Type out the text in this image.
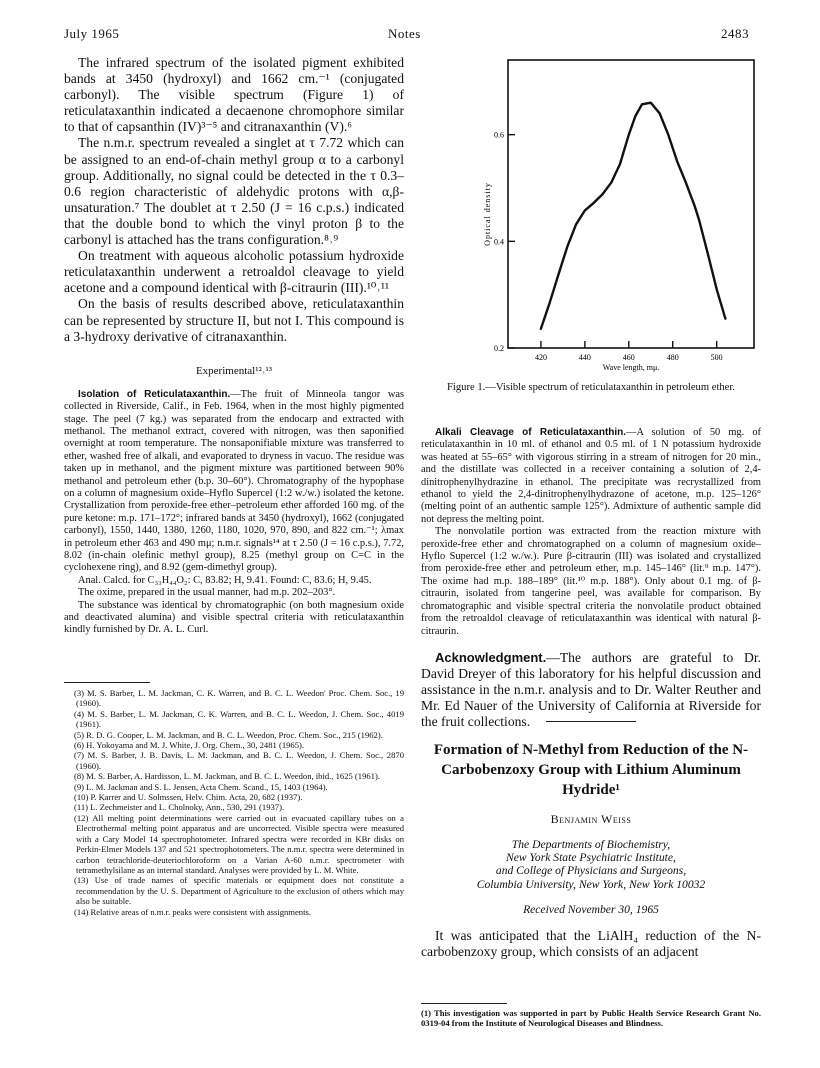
July 1965	Notes	2483

The infrared spectrum of the isolated pigment exhibited bands at 3450 (hydroxyl) and 1662 cm.⁻¹ (conjugated carbonyl). The visible spectrum (Figure 1) of reticulataxanthin indicated a decaenone chromophore similar to that of capsanthin (IV)³⁻⁵ and citranaxanthin (V).⁶

The n.m.r. spectrum revealed a singlet at τ 7.72 which can be assigned to an end-of-chain methyl group α to a carbonyl group. Additionally, no signal could be detected in the τ 0.3–0.6 region characteristic of aldehydic protons with α,β-unsaturation.⁷ The doublet at τ 2.50 (J = 16 c.p.s.) indicated that the double bond to which the vinyl proton β to the carbonyl is attached has the trans configuration.⁸˒⁹

On treatment with aqueous alcoholic potassium hydroxide reticulataxanthin underwent a retroaldol cleavage to yield acetone and a compound identical with β-citraurin (III).¹⁰˒¹¹

On the basis of results described above, reticulataxanthin can be represented by structure II, but not I. This compound is a 3-hydroxy derivative of citranaxanthin.

Experimental¹²˒¹³

Isolation of Reticulataxanthin.—The fruit of Minneola tangor was collected in Riverside, Calif., in Feb. 1964, when in the most highly pigmented stage. The peel (7 kg.) was separated from the endocarp and extracted with methanol. The methanol extract, covered with nitrogen, was then saponified overnight at room temperature. The nonsaponifiable mixture was transferred to ether, washed free of alkali, and evaporated to dryness in vacuo. The residue was taken up in methanol, and the pigment mixture was partitioned between 90% methanol and petroleum ether (b.p. 30–60°). Chromatography of the hypophase on a column of magnesium oxide–Hyflo Supercel (1:2 w./w.) isolated the ketone. Crystallization from peroxide-free ether–petroleum ether afforded 160 mg. of the pure ketone: m.p. 171–172°; infrared bands at 3450 (hydroxyl), 1662 (conjugated carbonyl), 1550, 1440, 1380, 1260, 1180, 1020, 970, 890, and 822 cm.⁻¹; λmax in petroleum ether 463 and 490 mμ; n.m.r. signals¹⁴ at τ 2.50 (J = 16 c.p.s.), 7.72, 8.02 (in-chain olefinic methyl group), 8.25 (methyl group on C=C in the cyclohexene ring), and 8.92 (gem-dimethyl group).

Anal. Calcd. for C₃₃H₄₄O₂: C, 83.82; H, 9.41. Found: C, 83.6; H, 9.45.

The oxime, prepared in the usual manner, had m.p. 202–203°.

The substance was identical by chromatographic (on both magnesium oxide and deactivated alumina) and visible spectral criteria with reticulataxanthin kindly furnished by Dr. A. L. Curl.

(3) M. S. Barber, L. M. Jackman, C. K. Warren, and B. C. L. Weedon' Proc. Chem. Soc., 19 (1960).

(4) M. S. Barber, L. M. Jackman, C. K. Warren, and B. C. L. Weedon, J. Chem. Soc., 4019 (1961).

(5) R. D. G. Cooper, L. M. Jackman, and B. C. L. Weedon, Proc. Chem. Soc., 215 (1962).

(6) H. Yokoyama and M. J. White, J. Org. Chem., 30, 2481 (1965).

(7) M. S. Barber, J. B. Davis, L. M. Jackman, and B. C. L. Weedon, J. Chem. Soc., 2870 (1960).

(8) M. S. Barber, A. Hardisson, L. M. Jackman, and B. C. L. Weedon, ibid., 1625 (1961).

(9) L. M. Jackman and S. L. Jensen, Acta Chem. Scand., 15, 1403 (1964).

(10) P. Karrer and U. Solmssen, Helv. Chim. Acta, 20, 682 (1937).

(11) L. Zechmeister and L. Cholnoky, Ann., 530, 291 (1937).

(12) All melting point determinations were carried out in evacuated capillary tubes on a Electrothermal melting point apparatus and are uncorrected. Visible spectra were measured with a Cary Model 14 spectrophotometer. Infrared spectra were recorded in KBr disks on Perkin-Elmer Models 137 and 521 spectrophotometers. The n.m.r. spectra were determined in carbon tetrachloride-deuteriochloroform on a Varian A-60 n.m.r. spectrometer with tetramethylsilane as an internal standard. Analyses were provided by L. M. White.

(13) Use of trade names of specific materials or equipment does not constitute a recommendation by the U. S. Department of Agriculture to the exclusion of others which may also be suitable.

(14) Relative areas of n.m.r. peaks were consistent with assignments.

420	440	460	480	500
0.2
0.4
0.6
Optical density
Wave length, mμ.
Figure 1.—Visible spectrum of reticulataxanthin in petroleum ether.

Alkali Cleavage of Reticulataxanthin.—A solution of 50 mg. of reticulataxanthin in 10 ml. of ethanol and 0.5 ml. of 1 N potassium hydroxide was heated at 55–65° with vigorous stirring in a stream of nitrogen for 20 min., and the distillate was collected in a receiver containing a solution of 2,4-dinitrophenylhydrazine in ethanol. The precipitate was recrystallized from ethanol to yield the 2,4-dinitrophenylhydrazone of acetone, m.p. 125–126° (melting point of an authentic sample 125°). Admixture of authentic sample did not depress the melting point.

The nonvolatile portion was extracted from the reaction mixture with peroxide-free ether and chromatographed on a column of magnesium oxide–Hyflo Supercel (1:2 w./w.). Pure β-citraurin (III) was isolated and crystallized from peroxide-free ether and petroleum ether, m.p. 145–146° (lit.⁹ m.p. 147°). The oxime had m.p. 188–189° (lit.¹⁰ m.p. 188°). Only about 0.1 mg. of β-citraurin, isolated from tangerine peel, was available for comparison. By chromatographic and visible spectral criteria the nonvolatile product obtained from the retroaldol cleavage of reticulataxanthin was identical with natural β-citraurin.

Acknowledgment.—The authors are grateful to Dr. David Dreyer of this laboratory for his helpful discussion and assistance in the n.m.r. analysis and to Dr. Walter Reuther and Mr. Ed Nauer of the University of California at Riverside for the fruit collections.

Formation of N-Methyl from Reduction of the N-Carbobenzoxy Group with Lithium Aluminum Hydride¹

Benjamin Weiss

The Departments of Biochemistry,
New York State Psychiatric Institute,
and College of Physicians and Surgeons,
Columbia University, New York, New York 10032

Received November 30, 1965

It was anticipated that the LiAlH₄ reduction of the N-carbobenzoxy group, which consists of an adjacent

(1) This investigation was supported in part by Public Health Service Research Grant No. 0319-04 from the Institute of Neurological Diseases and Blindness.
